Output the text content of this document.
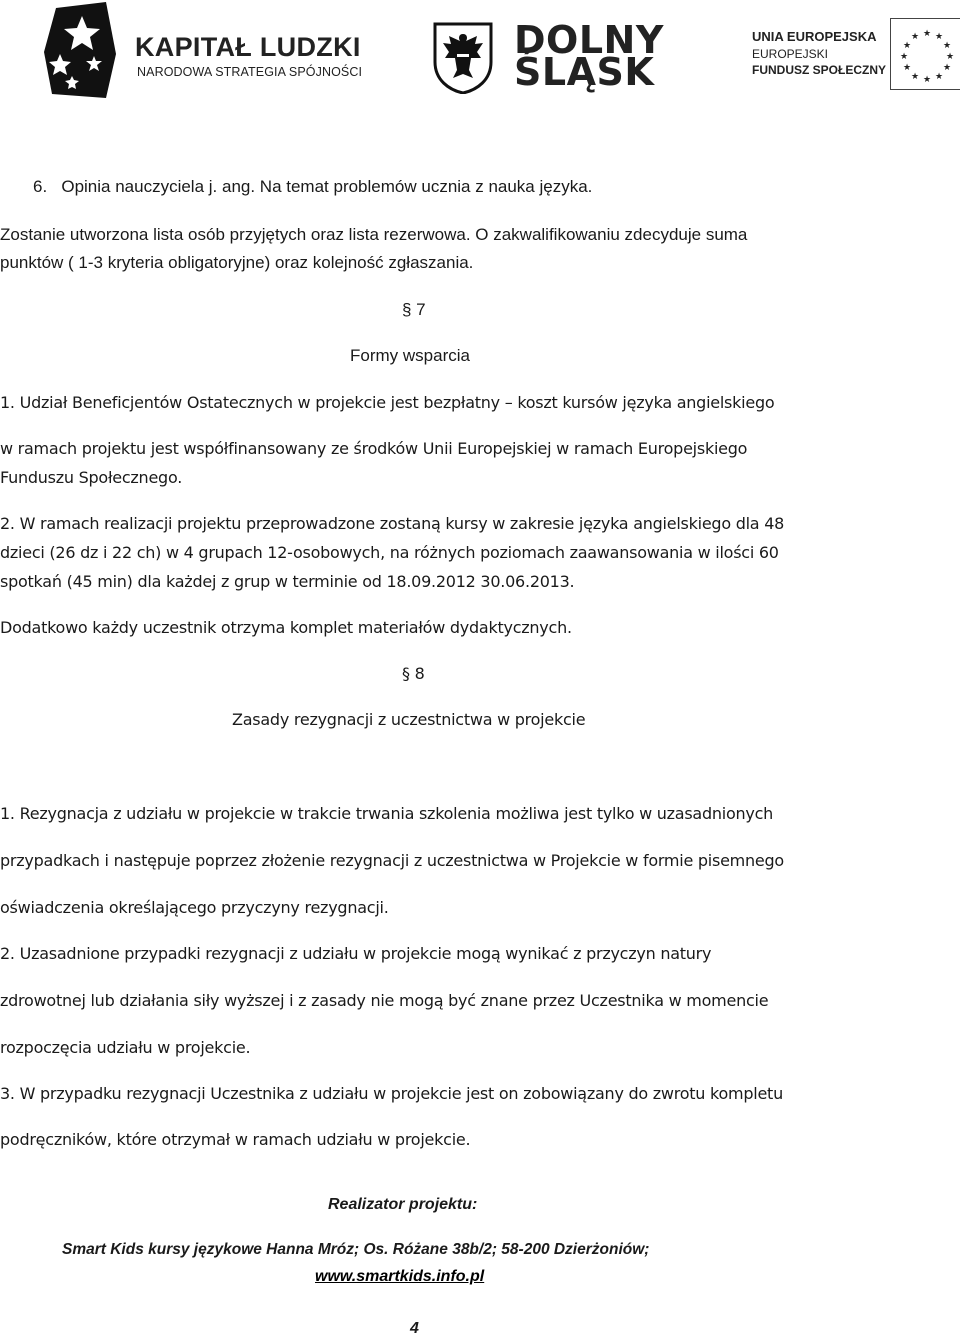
KAPITAŁ LUDZKI
NARODOWA STRATEGIA SPÓJNOŚCI
DOLNY
ŚLĄSK
UNIA EUROPEJSKA
EUROPEJSKI
FUNDUSZ SPOŁECZNY
★ ★
★
★
★
★
★
★
★
★
★
★
6.   Opinia nauczyciela j. ang. Na temat problemów ucznia z nauka języka.
Zostanie utworzona lista osób przyjętych oraz lista rezerwowa. O zakwalifikowaniu zdecyduje suma
punktów ( 1-3 kryteria obligatoryjne) oraz kolejność zgłaszania.
§ 7
Formy wsparcia
1. Udział Beneficjentów Ostatecznych w projekcie jest bezpłatny – koszt kursów języka angielskiego
w ramach projektu jest współfinansowany ze środków Unii Europejskiej w ramach Europejskiego
Funduszu Społecznego.
2. W ramach realizacji projektu przeprowadzone zostaną kursy w zakresie języka angielskiego dla 48
dzieci (26 dz i 22 ch) w 4 grupach 12-osobowych, na różnych poziomach zaawansowania w ilości 60
spotkań (45 min) dla każdej z grup w terminie od 18.09.2012 30.06.2013.
Dodatkowo każdy uczestnik otrzyma komplet materiałów dydaktycznych.
§ 8
Zasady rezygnacji z uczestnictwa w projekcie
1. Rezygnacja z udziału w projekcie w trakcie trwania szkolenia możliwa jest tylko w uzasadnionych
przypadkach i następuje poprzez złożenie rezygnacji z uczestnictwa w Projekcie w formie pisemnego
oświadczenia określającego przyczyny rezygnacji.
2. Uzasadnione przypadki rezygnacji z udziału w projekcie mogą wynikać z przyczyn natury
zdrowotnej lub działania siły wyższej i z zasady nie mogą być znane przez Uczestnika w momencie
rozpoczęcia udziału w projekcie.
3. W przypadku rezygnacji Uczestnika z udziału w projekcie jest on zobowiązany do zwrotu kompletu
podręczników, które otrzymał w ramach udziału w projekcie.
Realizator projektu:
Smart Kids kursy językowe Hanna Mróz; Os. Różane 38b/2; 58-200 Dzierżoniów;
www.smartkids.info.pl
4
